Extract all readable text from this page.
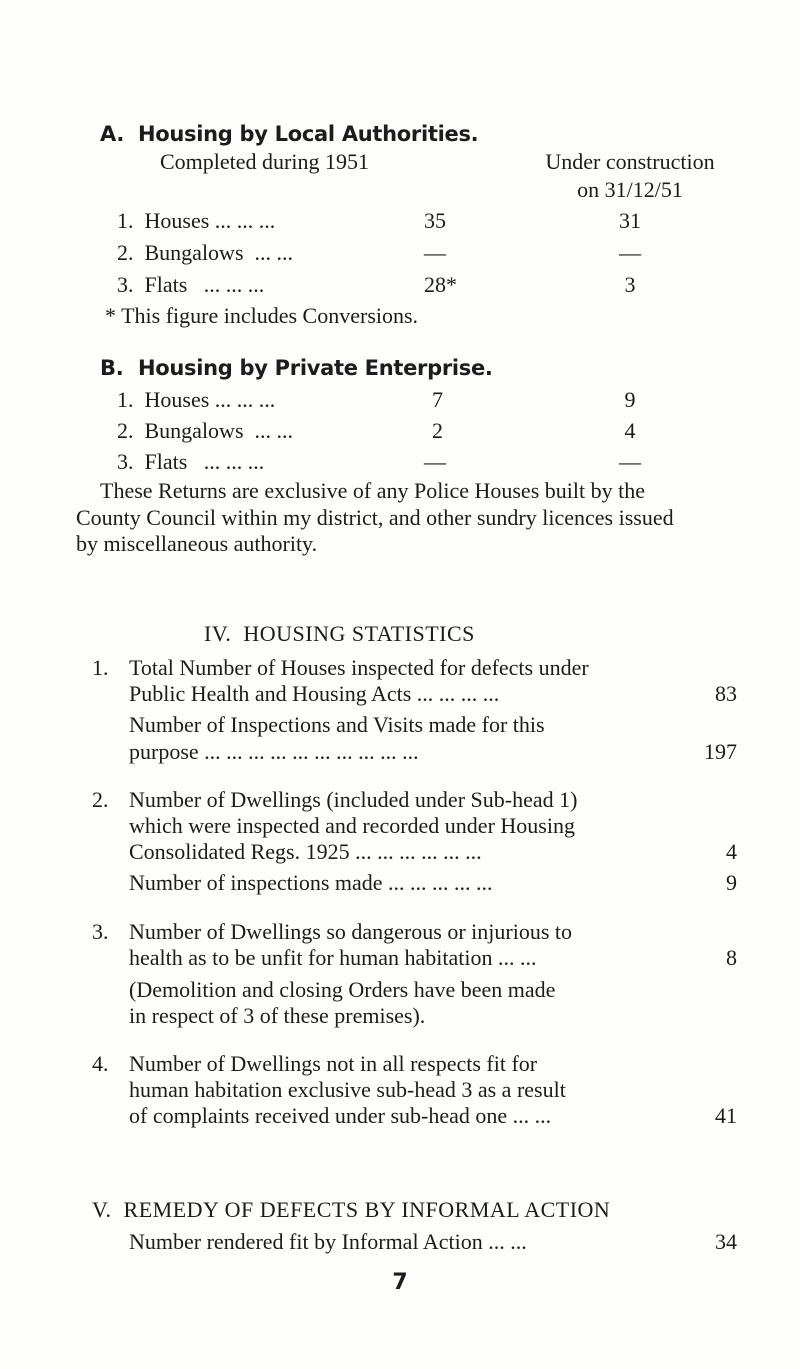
A. Housing by Local Authorities.
Completed during 1951	Under construction
on 31/12/51
1.  Houses ... ... ...	35	31
2.  Bungalows  ... ...	—	—
3.  Flats   ... ... ...	28*	3
* This figure includes Conversions.
B. Housing by Private Enterprise.
1.  Houses ... ... ...	7	9
2.  Bungalows  ... ...	2	4
3.  Flats   ... ... ...	—	—
These Returns are exclusive of any Police Houses built by the
County Council within my district, and other sundry licences issued
by miscellaneous authority.
IV.  HOUSING STATISTICS
1. Total Number of Houses inspected for defects under
Public Health and Housing Acts ... ... ... ...	83
Number of Inspections and Visits made for this
purpose ... ... ... ... ... ... ... ... ... ...	197
2. Number of Dwellings (included under Sub-head 1)
which were inspected and recorded under Housing
Consolidated Regs. 1925 ... ... ... ... ... ...	4
Number of inspections made ... ... ... ... ...	9
3. Number of Dwellings so dangerous or injurious to
health as to be unfit for human habitation ... ...	8
(Demolition and closing Orders have been made
in respect of 3 of these premises).
4. Number of Dwellings not in all respects fit for
human habitation exclusive sub-head 3 as a result
of complaints received under sub-head one ... ...	41
V.  REMEDY OF DEFECTS BY INFORMAL ACTION
Number rendered fit by Informal Action ... ...	34
7
